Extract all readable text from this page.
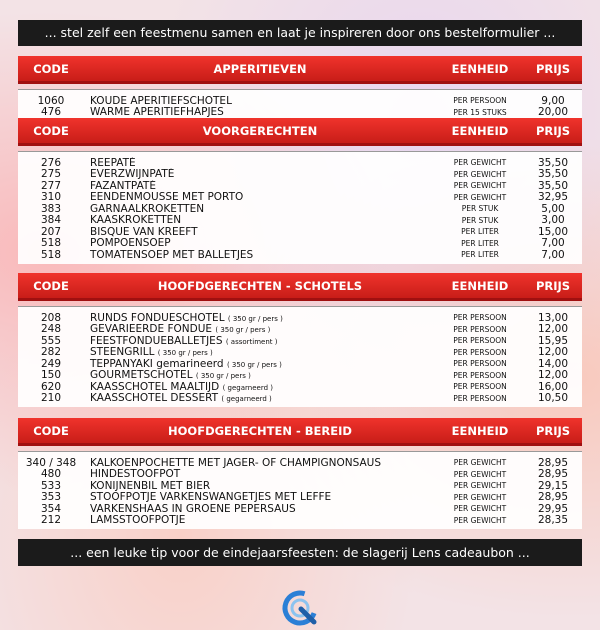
... stel zelf een feestmenu samen en laat je inspireren door ons bestelformulier ...
CODE	APPERITIEVEN	EENHEID	PRIJS
1060	KOUDE APERITIEFSCHOTEL	PER PERSOON	9,00
476	WARME APERITIEFHAPJES	PER 15 STUKS	20,00
CODE	VOORGERECHTEN	EENHEID	PRIJS
276	REEPATÉ	PER GEWICHT	35,50
275	EVERZWIJNPATÉ	PER GEWICHT	35,50
277	FAZANTPATÉ	PER GEWICHT	35,50
310	EENDENMOUSSE MET PORTO	PER GEWICHT	32,95
383	GARNAALKROKETTEN	PER STUK	5,00
384	KAASKROKETTEN	PER STUK	3,00
207	BISQUE VAN KREEFT	PER LITER	15,00
518	POMPOENSOEP	PER LITER	7,00
518	TOMATENSOEP MET BALLETJES	PER LITER	7,00
CODE	HOOFDGERECHTEN - SCHOTELS	EENHEID	PRIJS
208	RUNDS FONDUESCHOTEL ( 350 gr / pers )	PER PERSOON	13,00
248	GEVARIEERDE FONDUE ( 350 gr / pers )	PER PERSOON	12,00
555	FEESTFONDUEBALLETJES ( assortiment )	PER PERSOON	15,95
282	STEENGRILL ( 350 gr / pers )	PER PERSOON	12,00
249	TEPPANYAKI gemarineerd ( 350 gr / pers )	PER PERSOON	14,00
150	GOURMETSCHOTEL ( 350 gr / pers )	PER PERSOON	12,00
620	KAASSCHOTEL MAALTIJD ( gegarneerd )	PER PERSOON	16,00
210	KAASSCHOTEL DESSERT ( gegarneerd )	PER PERSOON	10,50
CODE	HOOFDGERECHTEN - BEREID	EENHEID	PRIJS
340 / 348	KALKOENPOCHETTE MET JAGER- OF CHAMPIGNONSAUS	PER GEWICHT	28,95
480	HINDESTOOFPOT	PER GEWICHT	28,95
533	KONIJNENBIL MET BIER	PER GEWICHT	29,15
353	STOOFPOTJE VARKENSWANGETJES MET LEFFE	PER GEWICHT	28,95
354	VARKENSHAAS IN GROENE PEPERSAUS	PER GEWICHT	29,95
212	LAMSSTOOFPOTJE	PER GEWICHT	28,35
... een leuke tip voor de eindejaarsfeesten: de slagerij Lens cadeaubon ...
